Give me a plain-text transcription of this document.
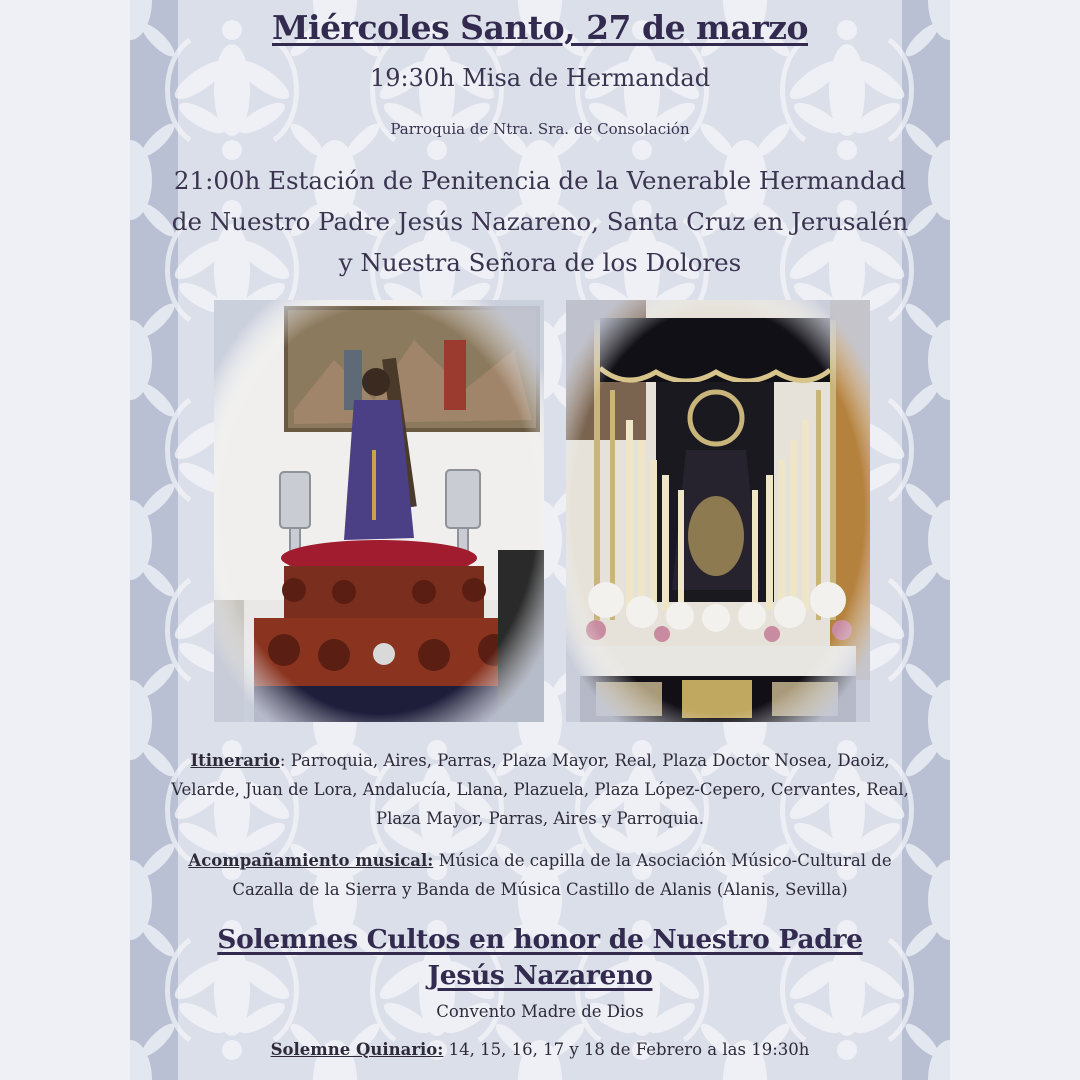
Miércoles Santo, 27 de marzo

19:30h Misa de Hermandad

Parroquia de Ntra. Sra. de Consolación

21:00h Estación de Penitencia de la Venerable Hermandad
de Nuestro Padre Jesús Nazareno, Santa Cruz en Jerusalén
y Nuestra Señora de los Dolores

Itinerario: Parroquia, Aires, Parras, Plaza Mayor, Real, Plaza Doctor Nosea, Daoiz, Velarde, Juan de Lora, Andalucía, Llana, Plazuela, Plaza López-Cepero, Cervantes, Real, Plaza Mayor, Parras, Aires y Parroquia.

Acompañamiento musical: Música de capilla de la Asociación Músico-Cultural de Cazalla de la Sierra y Banda de Música Castillo de Alanis (Alanis, Sevilla)

Solemnes Cultos en honor de Nuestro Padre
Jesús Nazareno

Convento Madre de Dios

Solemne Quinario: 14, 15, 16, 17 y 18 de Febrero a las 19:30h
